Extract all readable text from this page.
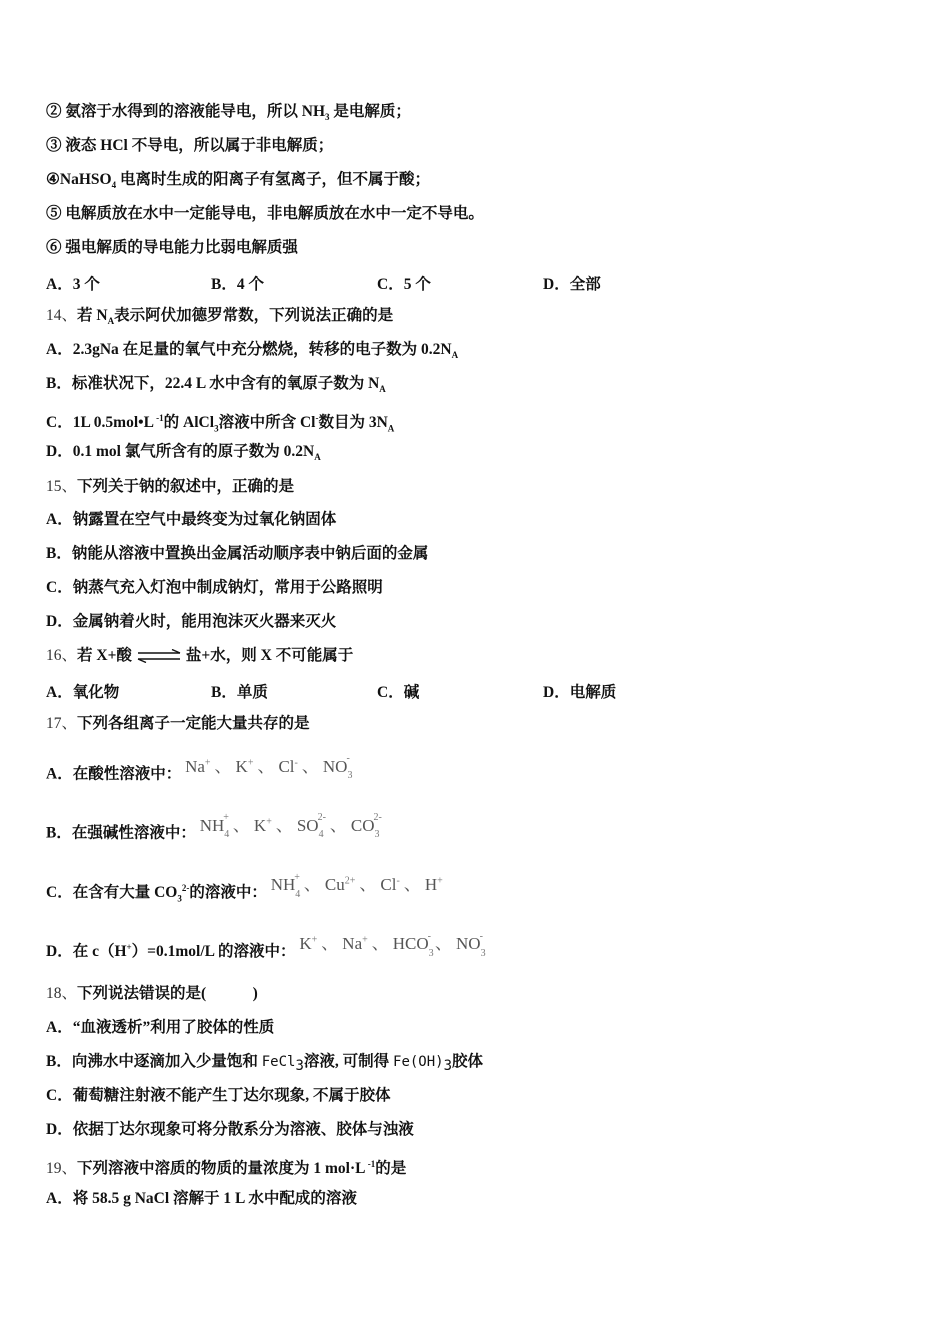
② 氨溶于水得到的溶液能导电，所以 $NH_3$ 是电解质；
③ 液态 HCl 不导电，所以属于非电解质；
④NaHSO$_4$ 电离时生成的阳离子有氢离子，但不属于酸；
⑤ 电解质放在水中一定能导电，非电解质放在水中一定不导电。
⑥ 强电解质的导电能力比弱电解质强
A．3 个	B．4 个	C．5 个	D．全部
14、若 $N_A$表示阿伏加德罗常数，下列说法正确的是
A．2.3gNa 在足量的氧气中充分燃烧，转移的电子数为 $0.2N_A$
B．标准状况下，22.4 L 水中含有的氧原子数为 $N_A$
C．1L 0.5mol•L $^{-1}$的 AlCl$_3$溶液中所含 Cl-数目为 $3N_A$
D．0.1 mol 氯气所含有的原子数为 $0.2N_A$
15、下列关于钠的叙述中，正确的是
A．钠露置在空气中最终变为过氧化钠固体
B．钠能从溶液中置换出金属活动顺序表中钠后面的金属
C．钠蒸气充入灯泡中制成钠灯，常用于公路照明
D．金属钠着火时，能用泡沫灭火器来灭火
16、若 X+酸 ⇌ 盐+水，则 X 不可能属于
A．氧化物	B．单质	C．碱	D．电解质
17、下列各组离子一定能大量共存的是
A．在酸性溶液中： Na+ 、 K+ 、 Cl- 、 $NO_3^-$
B．在强碱性溶液中： $NH_4^+$ 、 K+ 、 $SO_4^{2-}$ 、 $CO_3^{2-}$
C．在含有大量 $CO_3^{2-}$的溶液中： $NH_4^+$ 、 $Cu^{2+}$ 、 Cl- 、 H+
D．在 c（H+）=0.1mol/L 的溶液中： K+ 、 Na+ 、 $HCO_3^-$ 、 $NO_3^-$
18、下列说法错误的是(　　　)
A．“血液透析”利用了胶体的性质
B．向沸水中逐滴加入少量饱和 FeCl$_3$溶液, 可制得 $Fe(OH)_3$胶体
C．葡萄糖注射液不能产生丁达尔现象, 不属于胶体
D．依据丁达尔现象可将分散系分为溶液、胶体与浊液
19、下列溶液中溶质的物质的量浓度为 1 mol·L $^{-1}$的是
A．将 58.5 g NaCl 溶解于 1 L 水中配成的溶液
